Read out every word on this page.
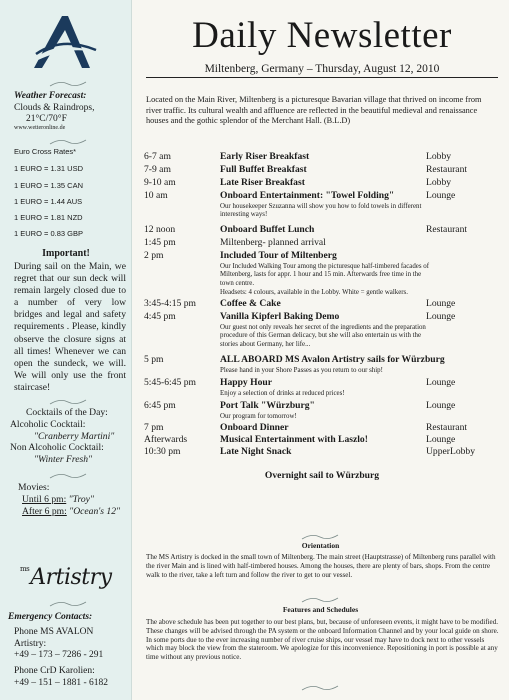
Weather Forecast:
Clouds & Raindrops,
21°C/70°F
www.wetteronline.de
Euro Cross Rates*
1 EURO = 1.31 USD
1 EURO = 1.35 CAN
1 EURO = 1.44 AUS
1 EURO = 1.81 NZD
1 EURO = 0.83 GBP
Important!
During sail on the Main, we regret that our sun deck will remain largely closed due to a number of very low bridges and legal and safety requirements . Please, kindly observe the closure signs at all times! Whenever we can open the sundeck, we will. We will only use the front staircase!
Cocktails of the Day:
Alcoholic Cocktail:
"Cranberry Martini"
Non Alcoholic Cocktail:
"Winter Fresh"
Movies:
Until 6 pm: "Troy"
After 6 pm: "Ocean's 12"
$^{ms}$Artistry
Emergency Contacts:
Phone MS AVALON Artistry:
+49 – 173 – 7286 - 291
Phone CrD Karolien:
+49 – 151 – 1881 - 6182
Daily Newsletter
Miltenberg, Germany – Thursday, August 12, 2010
Located on the Main River, Miltenberg is a picturesque Bavarian village that thrived on income from river traffic. Its cultural wealth and affluence are reflected in the beautiful medieval and renaissance houses and the gothic splendor of the Merchant Hall. (B.L.D)
6-7 am	Early Riser Breakfast	Lobby
7-9 am	Full Buffet Breakfast	Restaurant
9-10 am	Late Riser Breakfast	Lobby
10 am	Onboard Entertainment: "Towel Folding"	Lounge
Our housekeeper Szuzanna will show you how to fold towels in different interesting ways!
12 noon	Onboard Buffet Lunch	Restaurant
1:45 pm	Miltenberg- planned arrival
2 pm	Included Tour of Miltenberg
Our Included Walking Tour among the picturesque half-timbered facades of Miltenberg, lasts for appr. 1 hour and 15 min. Afterwards free time in the town centre.
Headsets: 4 colours, available in the Lobby. White = gentle walkers.
3:45-4:15 pm	Coffee & Cake	Lounge
4:45 pm	Vanilla Kipferl Baking Demo	Lounge
Our guest not only reveals her secret of the ingredients and the preparation procedure of this German delicacy, but she will also entertain us with the stories about Germany, her life...
5 pm	ALL ABOARD MS Avalon Artistry sails for Würzburg
Please hand in your Shore Passes as you return to our ship!
5:45-6:45 pm	Happy Hour	Lounge
Enjoy a selection of drinks at reduced prices!
6:45 pm	Port Talk "Würzburg"	Lounge
Our program for tomorrow!
7 pm	Onboard Dinner	Restaurant
Afterwards	Musical Entertainment with Laszlo!	Lounge
10:30 pm	Late Night Snack	UpperLobby
Overnight sail to Würzburg
Orientation
The MS Artistry is docked in the small town of Miltenberg. The main street (Hauptstrasse) of Miltenberg runs parallel with the river Main and is lined with half-timbered houses. Among the houses, there are plenty of bars, shops. From the centre walk to the river, take a left turn and follow the river to get to our vessel.
Features and Schedules
The above schedule has been put together to our best plans, but, because of unforeseen events, it might have to be modified. These changes will be advised through the PA system or the onboard Information Channel and by your local guide on shore. In some ports due to the ever increasing number of river cruise ships, our vessel may have to dock next to other vessels which may block the view from the stateroom. We apologize for this inconvenience. Repositioning in port is possible at any time without any previous notice.
